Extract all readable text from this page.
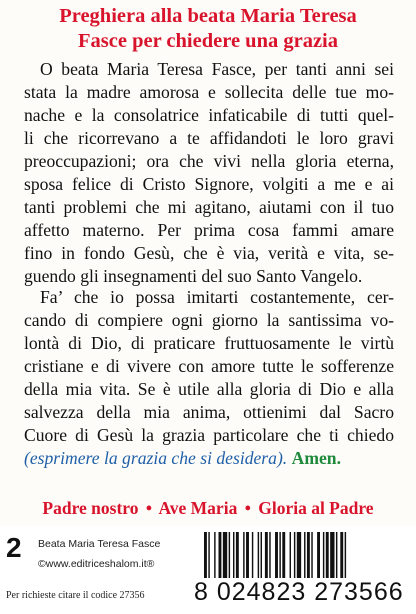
Preghiera alla beata Maria Teresa
Fasce per chiedere una grazia
O beata Maria Teresa Fasce, per tanti anni sei
stata la madre amorosa e sollecita delle tue mo-
nache e la consolatrice infaticabile di tutti quel-
li che ricorrevano a te affidandoti le loro gravi
preoccupazioni; ora che vivi nella gloria eterna,
sposa felice di Cristo Signore, volgiti a me e ai
tanti problemi che mi agitano, aiutami con il tuo
affetto materno. Per prima cosa fammi amare
fino in fondo Gesù, che è via, verità e vita, se-
guendo gli insegnamenti del suo Santo Vangelo.
Fa’ che io possa imitarti costantemente, cer-
cando di compiere ogni giorno la santissima vo-
lontà di Dio, di praticare fruttuosamente le virtù
cristiane e di vivere con amore tutte le sofferenze
della mia vita. Se è utile alla gloria di Dio e alla
salvezza della mia anima, ottienimi dal Sacro
Cuore di Gesù la grazia particolare che ti chiedo
(esprimere la grazia che si desidera). Amen.
Padre nostro • Ave Maria • Gloria al Padre
2 Beata Maria Teresa Fasce
©www.editriceshalom.it®
Per richieste citare il codice 27356 8 024823 273566
